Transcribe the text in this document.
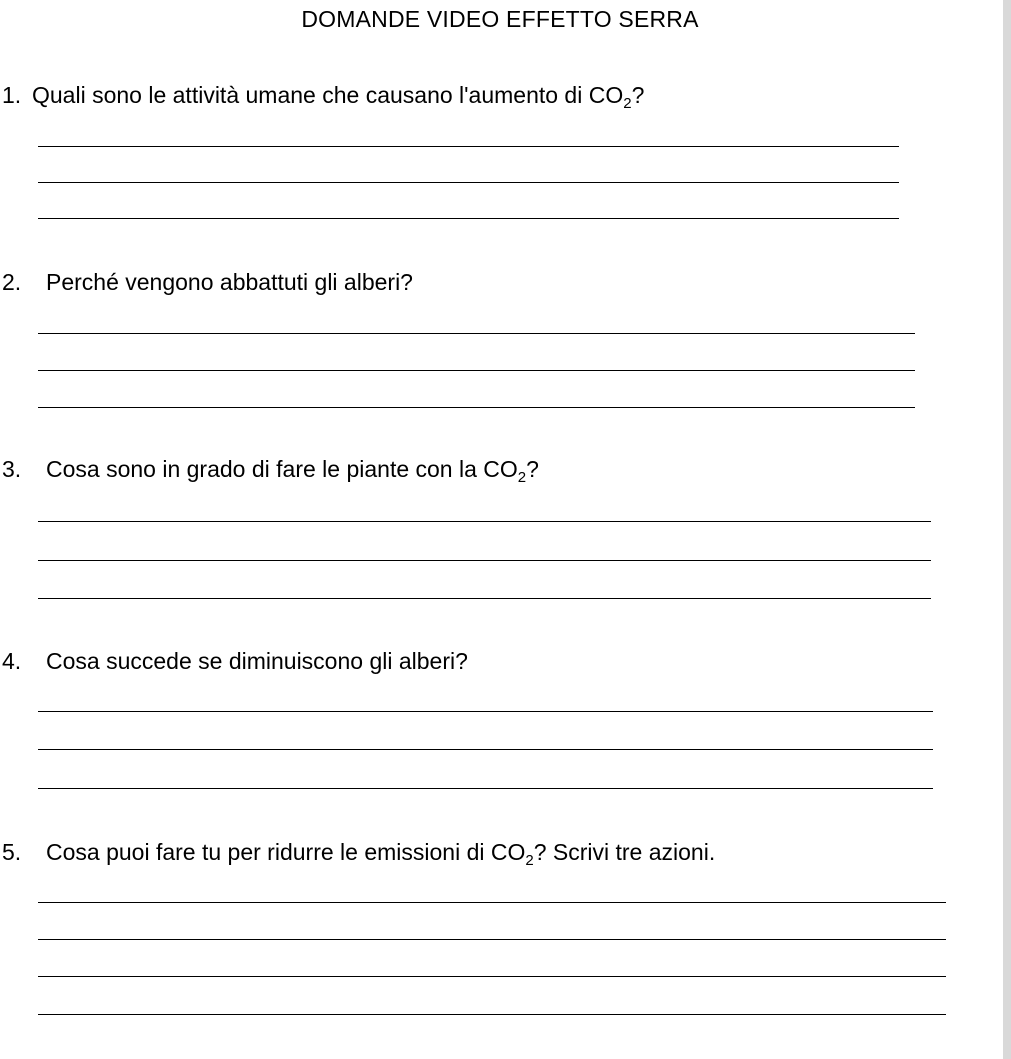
DOMANDE VIDEO EFFETTO SERRA
1. Quali sono le attività umane che causano l'aumento di $CO_2$?
2. Perché vengono abbattuti gli alberi?
3. Cosa sono in grado di fare le piante con la $CO_2$?
4. Cosa succede se diminuiscono gli alberi?
5. Cosa puoi fare tu per ridurre le emissioni di $CO_2$? Scrivi tre azioni.
